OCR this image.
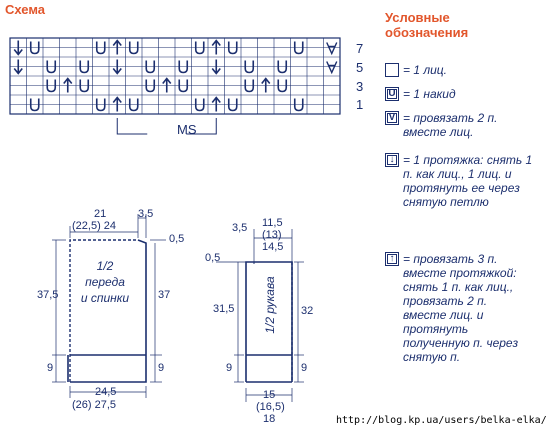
Схема
Условные
обозначения
7
5
3
1
MS
= 1 лиц.
U = 1 накид
V = провязать 2 п. вместе лиц.
↓ = 1 протяжка: снять 1 п. как лиц., 1 лиц. и протянуть ее через снятую петлю
↑ = провязать 3 п. вместе протяжкой: снять 1 п. как лиц., провязать 2 п. вместе лиц. и протянуть полученную п. через снятую п.
21
(22,5) 24
3,5
0,5
37,5	37
9	9
24,5
(26) 27,5
1/2
переда
и спинки
3,5 11,5
(13)
14,5
0,5
31,5	32
9	9
15
(16,5)
18
1/2 рукава
http://blog.kp.ua/users/belka-elka/
